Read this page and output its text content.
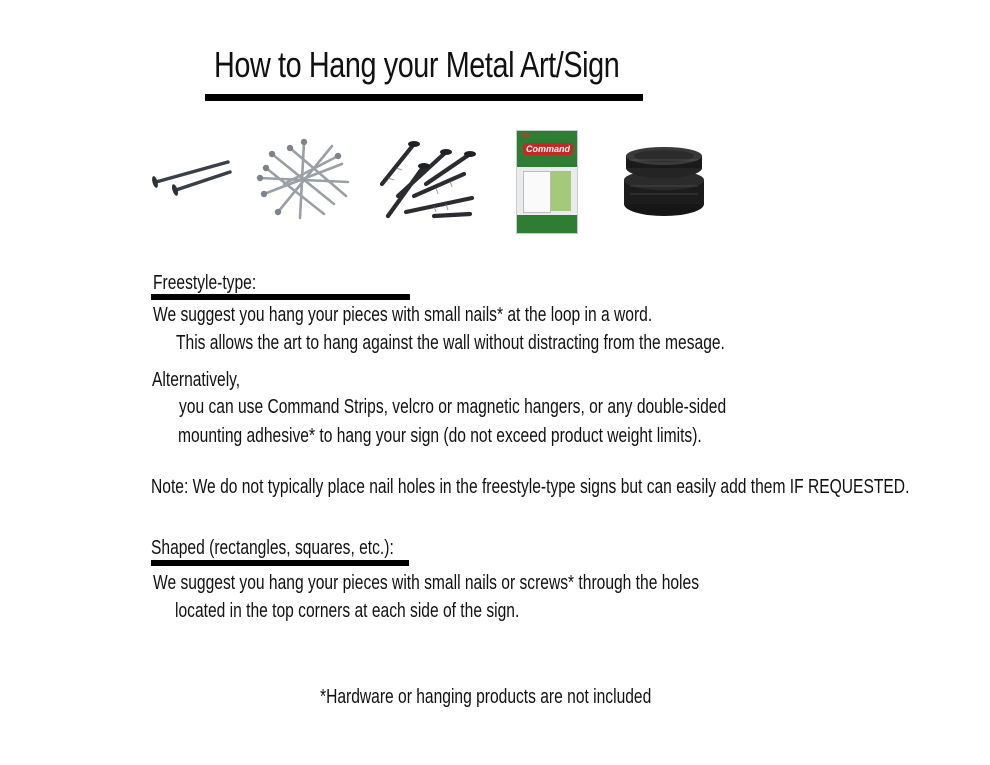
How to Hang your Metal Art/Sign
3M
Command
Freestyle-type:
We suggest you hang your pieces with small nails* at the loop in a word.
This allows the art to hang against the wall without distracting from the mesage.
Alternatively,
you can use Command Strips, velcro or magnetic hangers, or any double-sided
mounting adhesive* to hang your sign (do not exceed product weight limits).
Note: We do not typically place nail holes in the freestyle-type signs but can easily add them IF REQUESTED.
Shaped (rectangles, squares, etc.):
We suggest you hang your pieces with small nails or screws* through the holes
located in the top corners at each side of the sign.
*Hardware or hanging products are not included
